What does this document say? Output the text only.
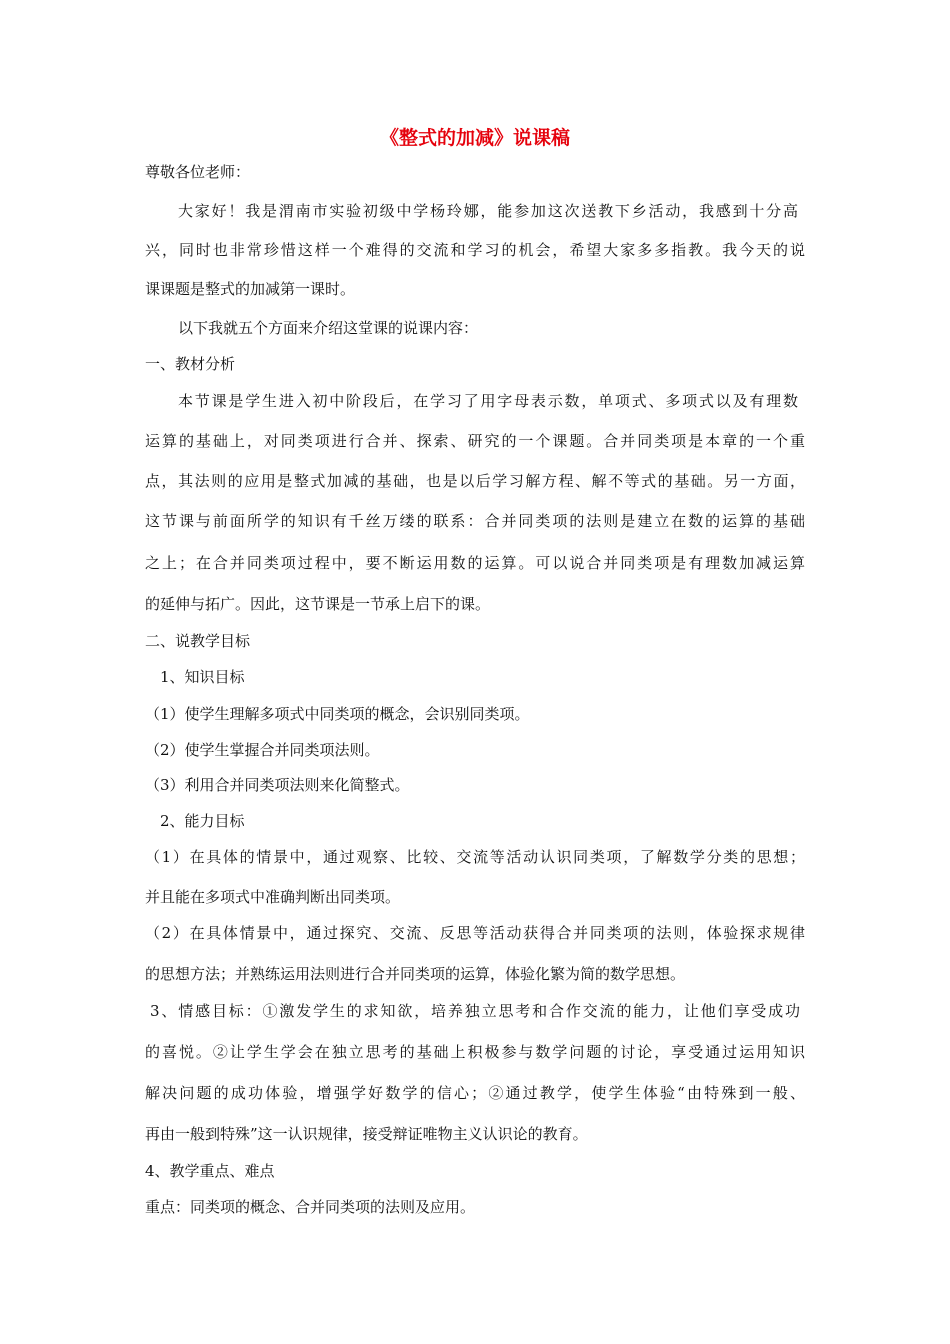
《整式的加减》说课稿
尊敬各位老师：
大家好！我是渭南市实验初级中学杨玲娜，能参加这次送教下乡活动，我感到十分高
兴，同时也非常珍惜这样一个难得的交流和学习的机会，希望大家多多指教。我今天的说
课课题是整式的加减第一课时。
以下我就五个方面来介绍这堂课的说课内容：
一、教材分析
本节课是学生进入初中阶段后，在学习了用字母表示数，单项式、多项式以及有理数
运算的基础上，对同类项进行合并、探索、研究的一个课题。合并同类项是本章的一个重
点，其法则的应用是整式加减的基础，也是以后学习解方程、解不等式的基础。另一方面，
这节课与前面所学的知识有千丝万缕的联系：合并同类项的法则是建立在数的运算的基础
之上；在合并同类项过程中，要不断运用数的运算。可以说合并同类项是有理数加减运算
的延伸与拓广。因此，这节课是一节承上启下的课。
二、说教学目标
1、知识目标
（1）使学生理解多项式中同类项的概念，会识别同类项。
（2）使学生掌握合并同类项法则。
（3）利用合并同类项法则来化简整式。
2、能力目标
（1）在具体的情景中，通过观察、比较、交流等活动认识同类项，了解数学分类的思想；
并且能在多项式中准确判断出同类项。
（2）在具体情景中，通过探究、交流、反思等活动获得合并同类项的法则，体验探求规律
的思想方法；并熟练运用法则进行合并同类项的运算，体验化繁为简的数学思想。
3、情感目标：①激发学生的求知欲，培养独立思考和合作交流的能力，让他们享受成功
的喜悦。②让学生学会在独立思考的基础上积极参与数学问题的讨论，享受通过运用知识
解决问题的成功体验，增强学好数学的信心；②通过教学，使学生体验“由特殊到一般、
再由一般到特殊”这一认识规律，接受辩证唯物主义认识论的教育。
4、教学重点、难点
重点：同类项的概念、合并同类项的法则及应用。
